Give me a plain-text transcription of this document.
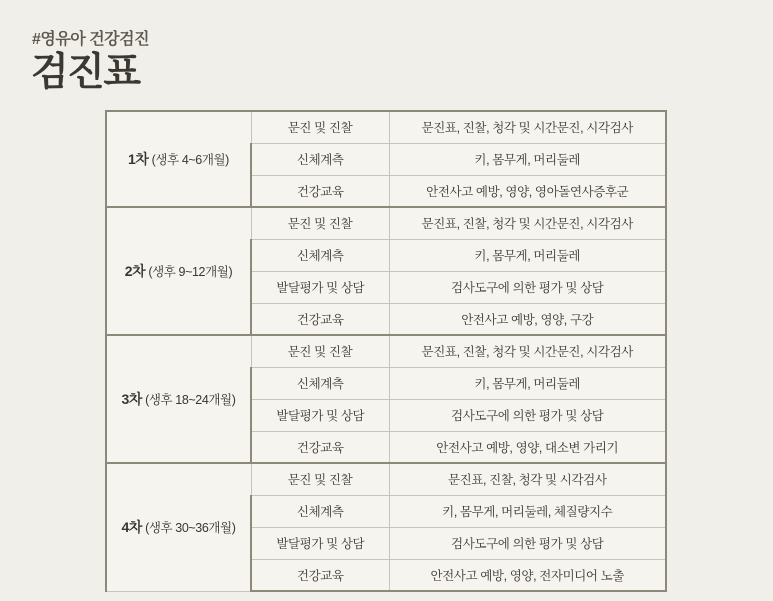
#영유아 건강검진
검진표
1차 (생후 4~6개월)	문진 및 진찰	문진표, 진찰, 청각 및 시간문진, 시각검사
	신체계측	키, 몸무게, 머리둘레
	건강교육	안전사고 예방, 영양, 영아돌연사증후군
2차 (생후 9~12개월)	문진 및 진찰	문진표, 진찰, 청각 및 시간문진, 시각검사
	신체계측	키, 몸무게, 머리둘레
	발달평가 및 상담	검사도구에 의한 평가 및 상담
	건강교육	안전사고 예방, 영양, 구강
3차 (생후 18~24개월)	문진 및 진찰	문진표, 진찰, 청각 및 시간문진, 시각검사
	신체계측	키, 몸무게, 머리둘레
	발달평가 및 상담	검사도구에 의한 평가 및 상담
	건강교육	안전사고 예방, 영양, 대소변 가리기
4차 (생후 30~36개월)	문진 및 진찰	문진표, 진찰, 청각 및 시각검사
	신체계측	키, 몸무게, 머리둘레, 체질량지수
	발달평가 및 상담	검사도구에 의한 평가 및 상담
	건강교육	안전사고 예방, 영양, 전자미디어 노출
